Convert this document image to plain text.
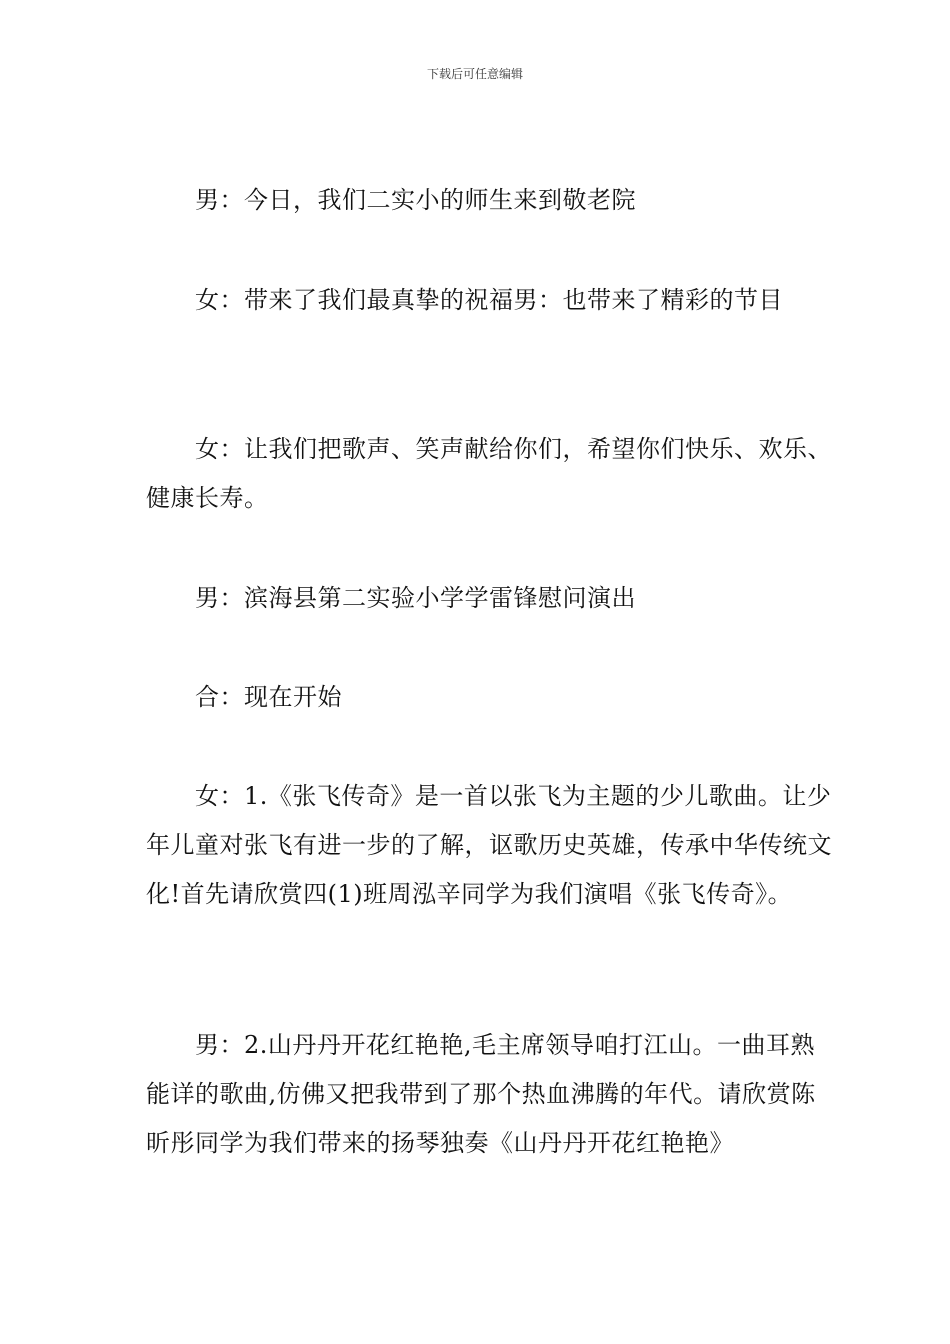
下载后可任意编辑

男：今日，我们二实小的师生来到敬老院

女：带来了我们最真挚的祝福男：也带来了精彩的节目

女：让我们把歌声、笑声献给你们，希望你们快乐、欢乐、健康长寿。

男：滨海县第二实验小学学雷锋慰问演出

合：现在开始

女：1.《张飞传奇》是一首以张飞为主题的少儿歌曲。让少年儿童对张飞有进一步的了解，讴歌历史英雄，传承中华传统文化!首先请欣赏四(1)班周泓辛同学为我们演唱《张飞传奇》。

男：2.山丹丹开花红艳艳,毛主席领导咱打江山。一曲耳熟能详的歌曲,仿佛又把我带到了那个热血沸腾的年代。请欣赏陈昕彤同学为我们带来的扬琴独奏《山丹丹开花红艳艳》
